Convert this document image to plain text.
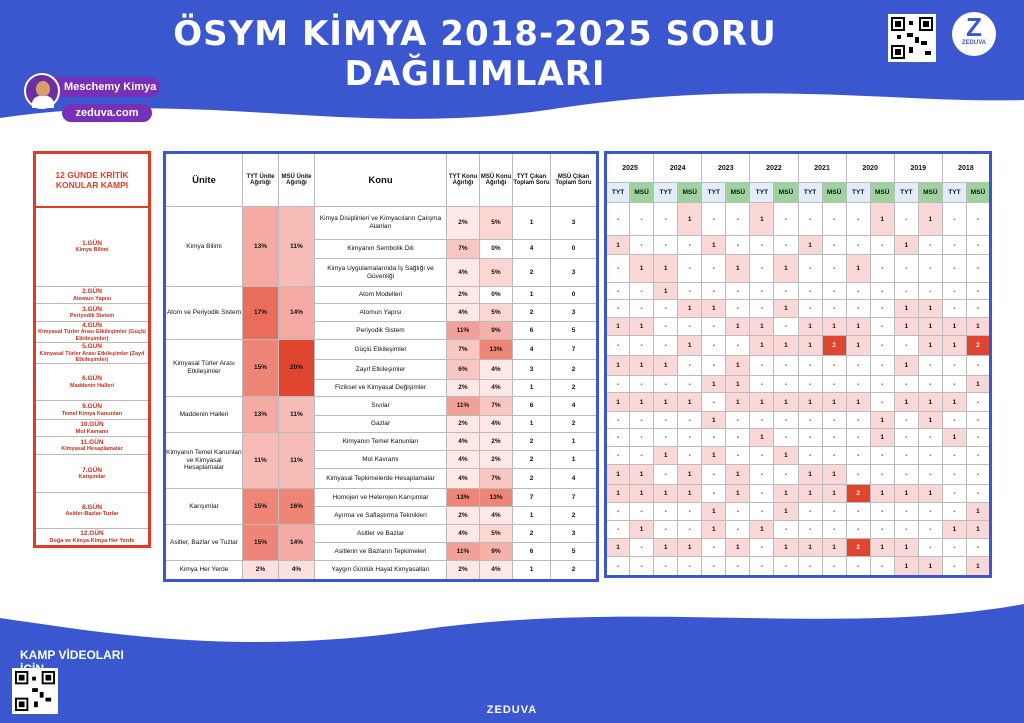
ÖSYM KİMYA 2018-2025 SORU DAĞILIMLARI
Z
ZEDUVA
Meschemy Kimya
zeduva.com
12 GÜNDE KRİTİK KONULAR KAMPI

1.GÜN
Kimya Bilimi

2.GÜN
Atomun Yapısı

3.GÜN
Periyodik Sistem

4.GÜN
Kimyasal Türler Arası Etkileşimler (Güçlü Etkileşimler)

5.GÜN
Kimyasal Türler Arası Etkileşimler (Zayıf Etkileşimler)

6.GÜN
Maddenin Halleri

9.GÜN
Temel Kimya Kanunları

10.GÜN
Mol Kavramı

11.GÜN
Kimyasal Hesaplamalar

7.GÜN
Karışımlar

8.GÜN
Asitler-Bazlar-Tuzlar

12.GÜN
Doğa ve Kimya-Kimya Her Yerde
Ünite	TYT Ünite Ağırlığı	MSÜ Ünite Ağırlığı	Konu	TYT Konu Ağırlığı	MSÜ Konu Ağırlığı	TYT Çıkan Toplam Soru	MSÜ Çıkan Toplam Soru
Kimya Bilimi	13%	11%	Kimya Disiplinleri ve Kimyacıların Çalışma Alanları	2%	5%	1	3
			Kimyanın Sembolik Dili	7%	0%	4	0
			Kimya Uygulamalarında İş Sağlığı ve Güvenliği	4%	5%	2	3
Atom ve Periyodik Sistem	17%	14%	Atom Modelleri	2%	0%	1	0
			Atomun Yapısı	4%	5%	2	3
			Periyodik Sistem	11%	9%	6	5
Kimyasal Türler Arası Etkileşimler	15%	20%	Güçlü Etkileşimler	7%	13%	4	7
			Zayıf Etkileşimler	6%	4%	3	2
			Fiziksel ve Kimyasal Değişimler	2%	4%	1	2
Maddenin Halleri	13%	11%	Sıvılar	11%	7%	6	4
			Gazlar	2%	4%	1	2
Kimyanın Temel Kanunları ve Kimyasal Hesaplamalar	11%	11%	Kimyanın Temel Kanunları	4%	2%	2	1
			Mol Kavramı	4%	2%	2	1
			Kimyasal Tepkimelerde Hesaplamalar	4%	7%	2	4
Karışımlar	15%	16%	Homojen ve Heterojen Karışımlar	13%	13%	7	7
			Ayırma ve Saflaştırma Teknikleri	2%	4%	1	2
Asitler, Bazlar ve Tuzlar	15%	14%	Asitler ve Bazlar	4%	5%	2	3
			Asitlerin ve Bazların Tepkimeleri	11%	9%	6	5
Kimya Her Yerde	2%	4%	Yaygın Günlük Hayat Kimyasalları	2%	4%	1	2
2025		2024		2023		2022		2021		2020		2019		2018	
TYT	MSÜ	TYT	MSÜ	TYT	MSÜ	TYT	MSÜ	TYT	MSÜ	TYT	MSÜ	TYT	MSÜ	TYT	MSÜ
-	-	-	1	-	-	1	-	-	-	-	1	-	1	-	-
1	-	-	-	1	-	-	-	1	-	-	-	1	-	-	-
-	1	1	-	-	1	-	1	-	-	1	-	-	-	-	-
-	-	1	-	-	-	-	-	-	-	-	-	-	-	-	-
-	-	-	1	1	-	-	1	-	-	-	-	1	1	-	-
1	1	-	-	-	1	1	-	1	1	1	-	1	1	1	1
-	-	-	1	-	-	1	1	1	2	1	-	-	1	1	2
1	1	1	-	-	1	-	-	-	-	-	-	1	-	-	-
-	-	-	-	1	1	-	-	-	-	-	-	-	-	-	1
1	1	1	1	-	1	1	1	1	1	1	-	1	1	1	-
-	-	-	-	1	-	-	-	-	-	-	1	-	1	-	-
-	-	-	-	-	-	1	-	-	-	-	1	-	-	1	-
-	-	1	-	1	-	-	1	-	-	-	-	-	-	-	-
1	1	-	1	-	1	-	-	1	1	-	-	-	-	-	-
1	1	1	1	-	1	-	1	1	1	2	1	1	1	-	-
-	-	-	-	1	-	-	1	-	-	-	-	-	-	-	1
-	1	-	-	1	-	1	-	-	-	-	-	-	-	1	1
1	-	1	1	-	1	-	1	1	1	2	1	1	-	-	-
-	-	-	-	-	-	-	-	-	-	-	-	1	1	-	1
KAMP VİDEOLARI
ZEDUVA
